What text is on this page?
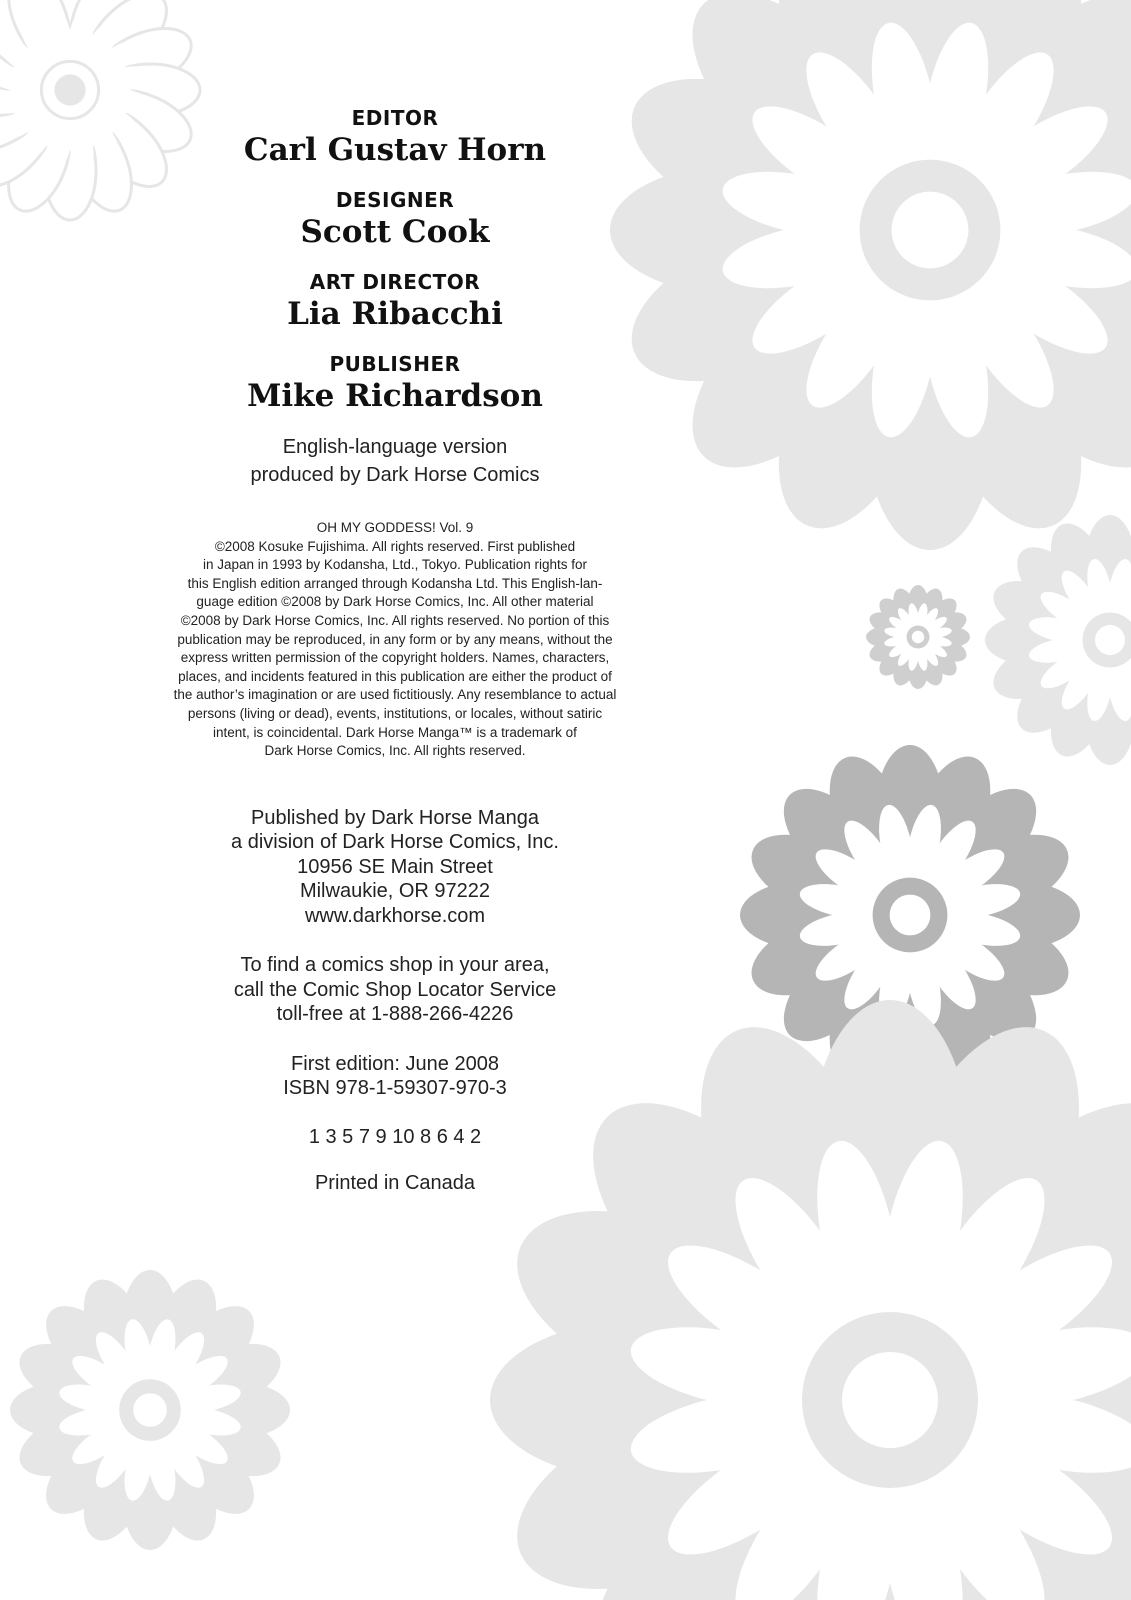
EDITOR
Carl Gustav Horn
DESIGNER
Scott Cook
ART DIRECTOR
Lia Ribacchi
PUBLISHER
Mike Richardson
English-language version
produced by Dark Horse Comics
OH MY GODDESS! Vol. 9
©2008 Kosuke Fujishima. All rights reserved. First published
in Japan in 1993 by Kodansha, Ltd., Tokyo. Publication rights for
this English edition arranged through Kodansha Ltd. This English-lan-
guage edition ©2008 by Dark Horse Comics, Inc. All other material
©2008 by Dark Horse Comics, Inc. All rights reserved. No portion of this
publication may be reproduced, in any form or by any means, without the
express written permission of the copyright holders. Names, characters,
places, and incidents featured in this publication are either the product of
the author’s imagination or are used fictitiously. Any resemblance to actual
persons (living or dead), events, institutions, or locales, without satiric
intent, is coincidental. Dark Horse Manga™ is a trademark of
Dark Horse Comics, Inc. All rights reserved.
Published by Dark Horse Manga
a division of Dark Horse Comics, Inc.
10956 SE Main Street
Milwaukie, OR 97222
www.darkhorse.com
To find a comics shop in your area,
call the Comic Shop Locator Service
toll-free at 1-888-266-4226
First edition: June 2008
ISBN 978-1-59307-970-3
1 3 5 7 9 10 8 6 4 2
Printed in Canada
